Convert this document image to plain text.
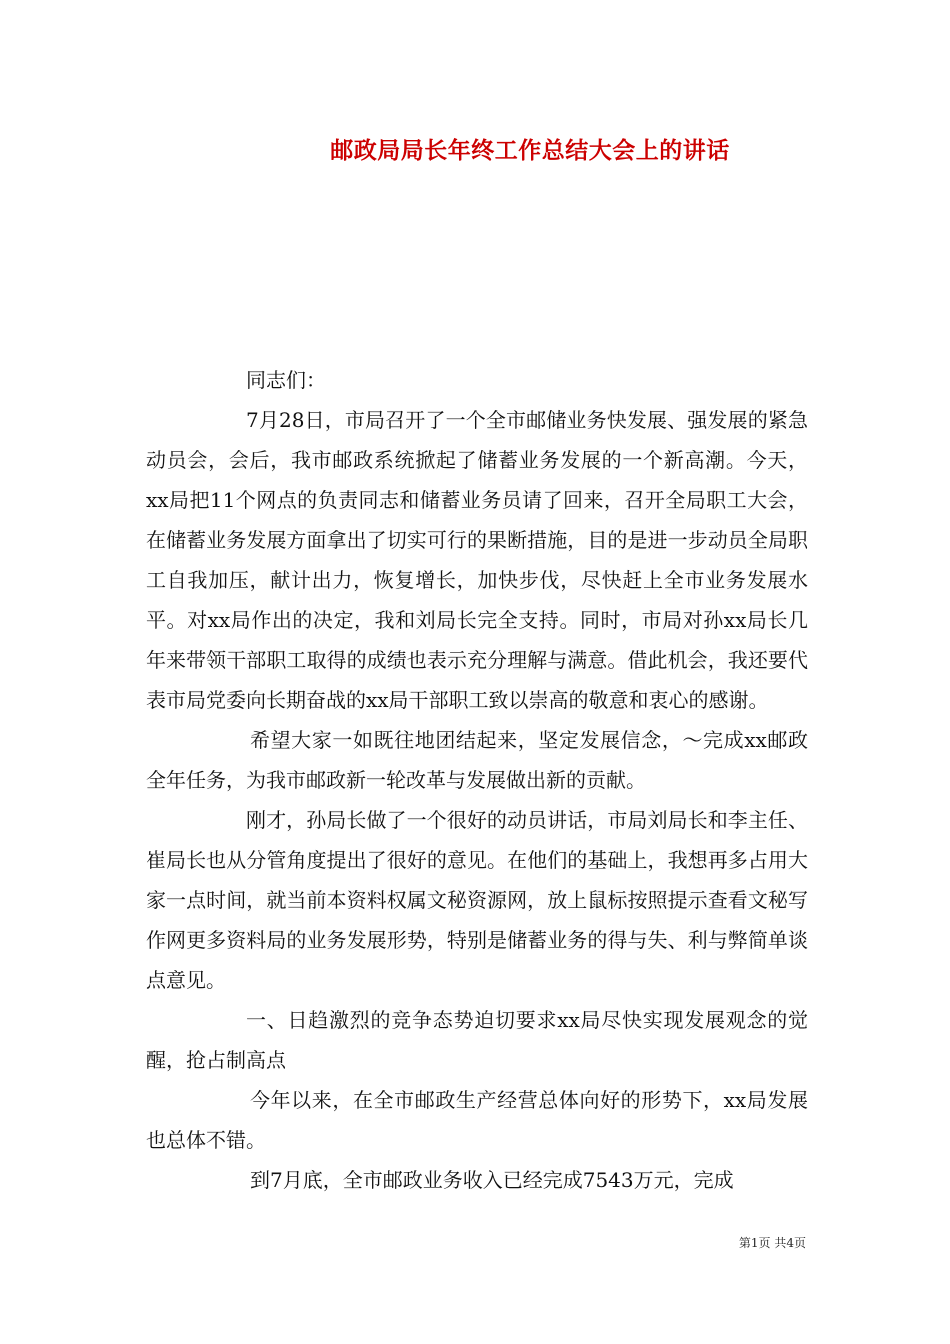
邮政局局长年终工作总结大会上的讲话

同志们：

7月28日，市局召开了一个全市邮储业务快发展、强发展的紧急动员会，会后，我市邮政系统掀起了储蓄业务发展的一个新高潮。今天，xx局把11个网点的负责同志和储蓄业务员请了回来，召开全局职工大会，在储蓄业务发展方面拿出了切实可行的果断措施，目的是进一步动员全局职工自我加压，献计出力，恢复增长，加快步伐，尽快赶上全市业务发展水平。对xx局作出的决定，我和刘局长完全支持。同时，市局对孙xx局长几年来带领干部职工取得的成绩也表示充分理解与满意。借此机会，我还要代表市局党委向长期奋战的xx局干部职工致以崇高的敬意和衷心的感谢。

希望大家一如既往地团结起来，坚定发展信念，～完成xx邮政全年任务，为我市邮政新一轮改革与发展做出新的贡献。

刚才，孙局长做了一个很好的动员讲话，市局刘局长和李主任、崔局长也从分管角度提出了很好的意见。在他们的基础上，我想再多占用大家一点时间，就当前本资料权属文秘资源网，放上鼠标按照提示查看文秘写作网更多资料局的业务发展形势，特别是储蓄业务的得与失、利与弊简单谈点意见。

一、日趋激烈的竞争态势迫切要求xx局尽快实现发展观念的觉醒，抢占制高点

今年以来，在全市邮政生产经营总体向好的形势下，xx局发展也总体不错。

到7月底，全市邮政业务收入已经完成7543万元，完成

第1页 共4页
